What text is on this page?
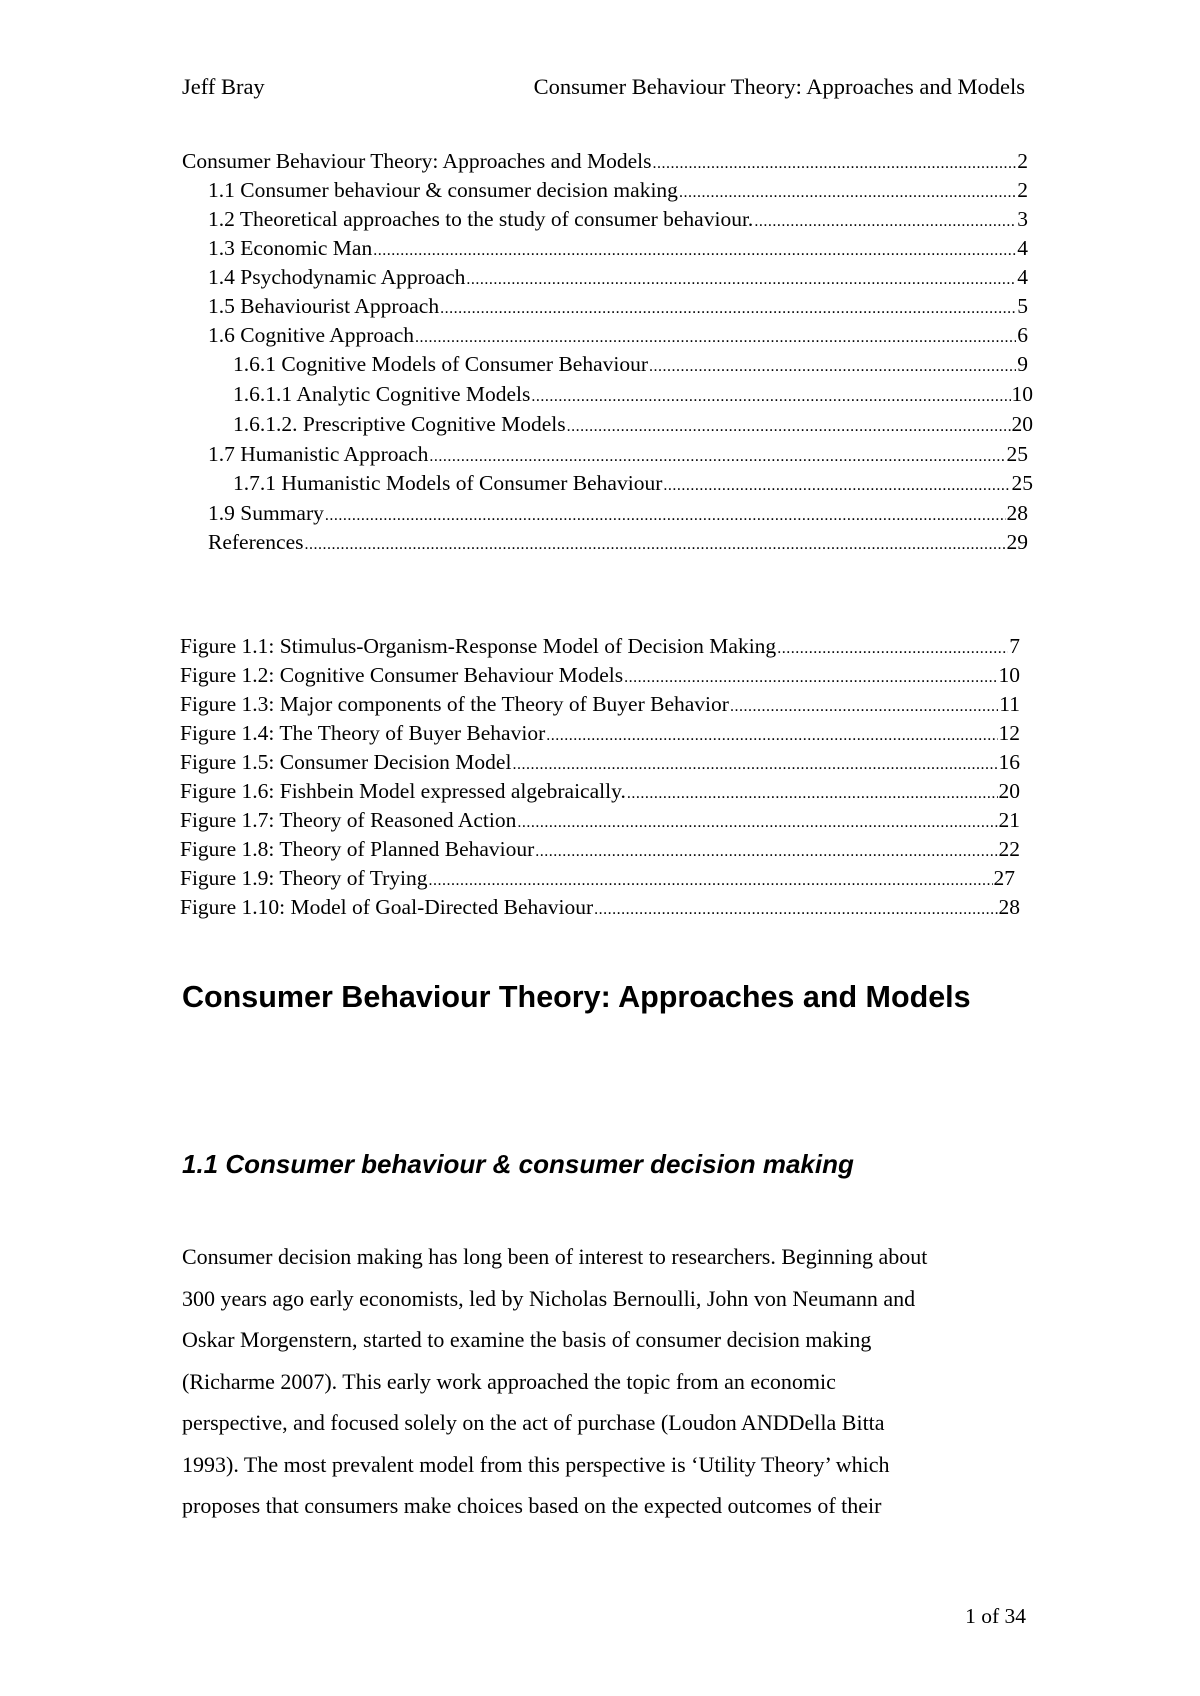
Jeff Bray	Consumer Behaviour Theory: Approaches and Models
Consumer Behaviour Theory: Approaches and Models .....	2
1.1 Consumer behaviour & consumer decision making .....	2
1.2 Theoretical approaches to the study of consumer behaviour. .....	3
1.3 Economic Man .....	4
1.4 Psychodynamic Approach .....	4
1.5 Behaviourist Approach .....	5
1.6 Cognitive Approach .....	6
1.6.1 Cognitive Models of Consumer Behaviour .....	9
1.6.1.1 Analytic Cognitive Models .....	10
1.6.1.2. Prescriptive Cognitive Models .....	20
1.7 Humanistic Approach .....	25
1.7.1 Humanistic Models of Consumer Behaviour .....	25
1.9 Summary .....	28
References .....	29
Figure 1.1: Stimulus-Organism-Response Model of Decision Making .....	7
Figure 1.2: Cognitive Consumer Behaviour Models .....	10
Figure 1.3: Major components of the Theory of Buyer Behavior .....	11
Figure 1.4: The Theory of Buyer Behavior .....	12
Figure 1.5: Consumer Decision Model .....	16
Figure 1.6: Fishbein Model expressed algebraically. .....	20
Figure 1.7: Theory of Reasoned Action .....	21
Figure 1.8: Theory of Planned Behaviour .....	22
Figure 1.9: Theory of Trying .....	27
Figure 1.10: Model of Goal-Directed Behaviour .....	28
Consumer Behaviour Theory: Approaches and Models
1.1 Consumer behaviour & consumer decision making
Consumer decision making has long been of interest to researchers. Beginning about
300 years ago early economists, led by Nicholas Bernoulli, John von Neumann and
Oskar Morgenstern, started to examine the basis of consumer decision making
(Richarme 2007). This early work approached the topic from an economic
perspective, and focused solely on the act of purchase (Loudon ANDDella Bitta
1993). The most prevalent model from this perspective is ‘Utility Theory’ which
proposes that consumers make choices based on the expected outcomes of their
1 of 34
